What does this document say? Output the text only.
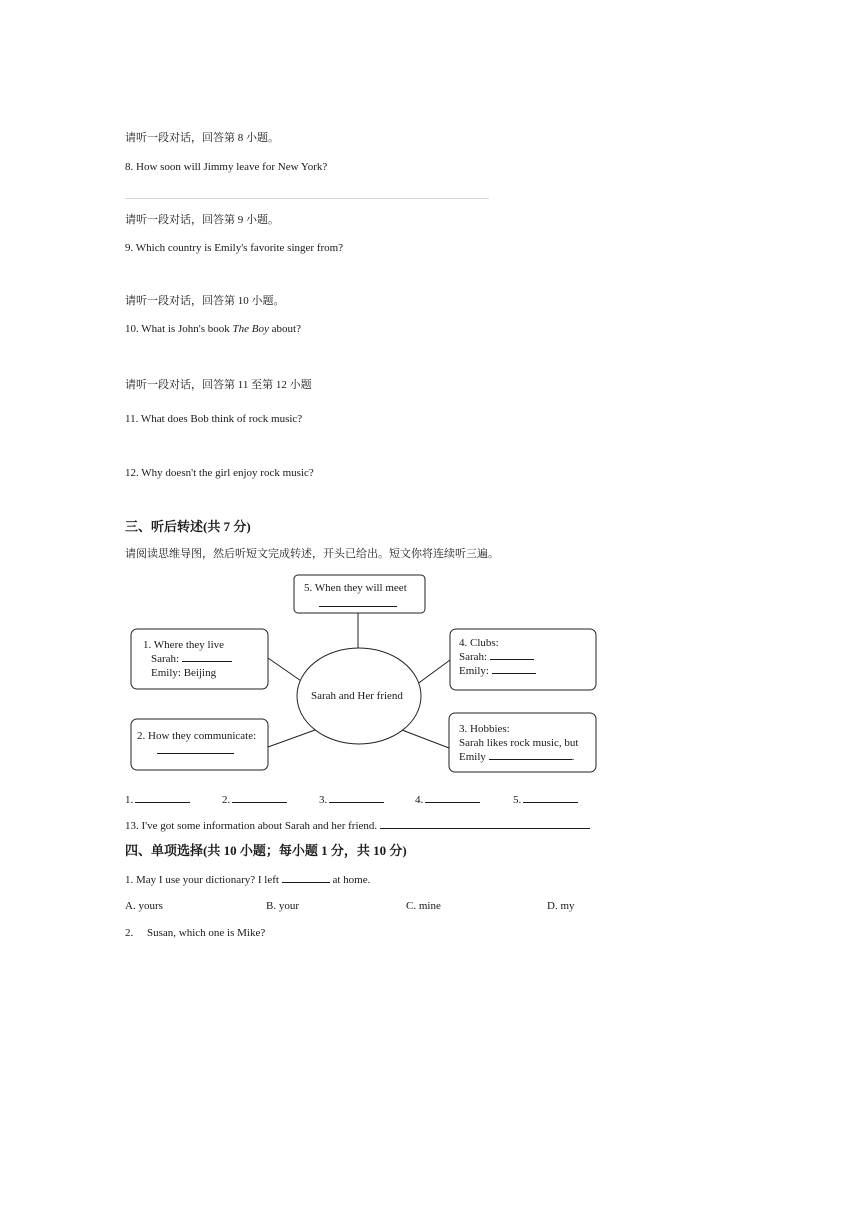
请听一段对话，回答第 8 小题。
8. How soon will Jimmy leave for New York?
请听一段对话，回答第 9 小题。
9. Which country is Emily's favorite singer from?
请听一段对话，回答第 10 小题。
10. What is John's book The Boy about?
请听一段对话，回答第 11 至第 12 小题
11. What does Bob think of rock music?
12. Why doesn't the girl enjoy rock music?
三、听后转述(共 7 分)
请阅读思维导图，然后听短文完成转述，开头已给出。短文你将连续听三遍。
Sarah and Her friend
5. When they will meet
1. Where they live
Sarah:
Emily: Beijing
2. How they communicate:
4. Clubs:
Sarah:
Emily:
3. Hobbies:
Sarah likes rock music, but
Emily	.
1.	2.	3.	4.	5.
13. I've got some information about Sarah and her friend.
四、单项选择(共 10 小题；每小题 1 分，共 10 分)
1. May I use your dictionary? I left	at home.
A. yours	B. your	C. mine	D. my
2.     Susan, which one is Mike?
